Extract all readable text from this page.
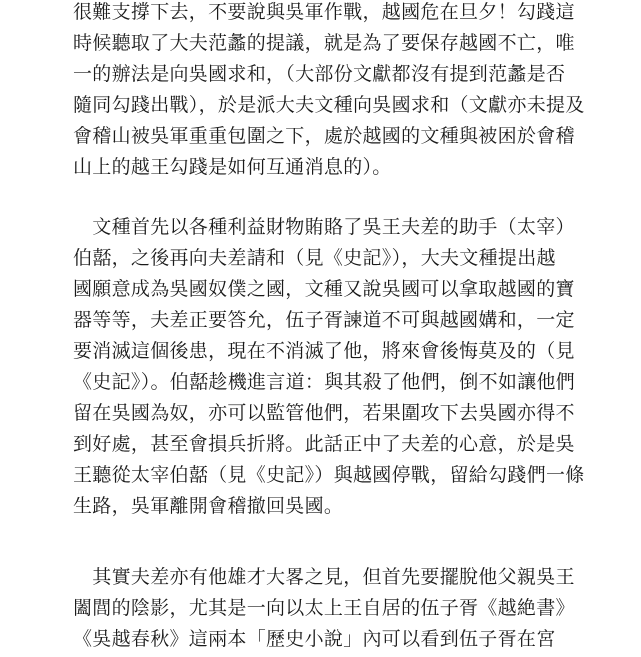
很難支撐下去，不要說與吳軍作戰，越國危在旦夕！勾踐這
時候聽取了大夫范蠡的提議，就是為了要保存越國不亡，唯
一的辦法是向吳國求和，（大部份文獻都沒有提到范蠡是否
隨同勾踐出戰），於是派大夫文種向吳國求和（文獻亦未提及
會稽山被吳軍重重包圍之下，處於越國的文種與被困於會稽
山上的越王勾踐是如何互通消息的）。

　文種首先以各種利益財物賄賂了吳王夫差的助手（太宰）
伯嚭，之後再向夫差請和（見《史記》），大夫文種提出越
國願意成為吳國奴僕之國，文種又說吳國可以拿取越國的寶
器等等，夫差正要答允，伍子胥諫道不可與越國媾和，一定
要消滅這個後患，現在不消滅了他，將來會後悔莫及的（見
《史記》）。伯嚭趁機進言道：與其殺了他們，倒不如讓他們
留在吳國為奴，亦可以監管他們，若果圍攻下去吳國亦得不
到好處，甚至會損兵折將。此話正中了夫差的心意，於是吳
王聽從太宰伯嚭（見《史記》）與越國停戰，留給勾踐們一條
生路，吳軍離開會稽撤回吳國。

　其實夫差亦有他雄才大畧之見，但首先要擺脫他父親吳王
闔閭的陰影，尤其是一向以太上王自居的伍子胥《越絶書》
《吳越春秋》這兩本「歷史小說」內可以看到伍子胥在宮
